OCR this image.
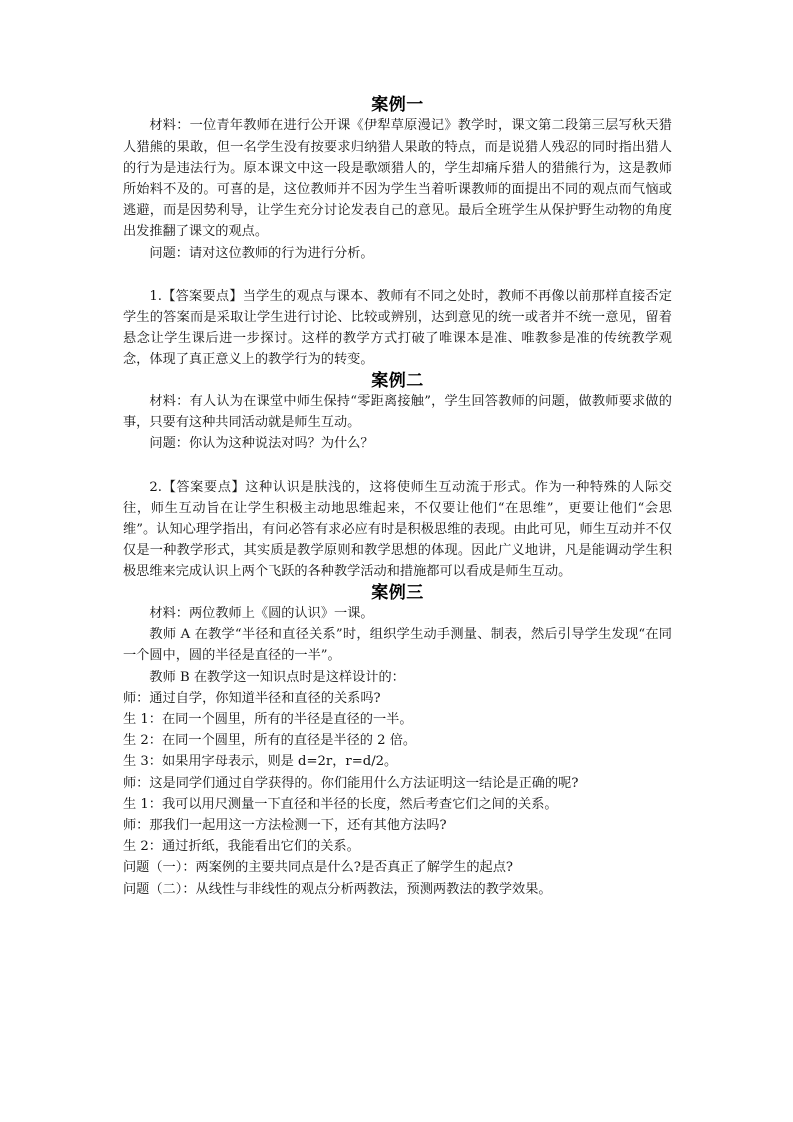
案例一

材料：一位青年教师在进行公开课《伊犁草原漫记》教学时，课文第二段第三层写秋天猎人猎熊的果敢，但一名学生没有按要求归纳猎人果敢的特点，而是说猎人残忍的同时指出猎人的行为是违法行为。原本课文中这一段是歌颂猎人的，学生却痛斥猎人的猎熊行为，这是教师所始料不及的。可喜的是，这位教师并不因为学生当着听课教师的面提出不同的观点而气恼或逃避，而是因势利导，让学生充分讨论发表自己的意见。最后全班学生从保护野生动物的角度出发推翻了课文的观点。

问题：请对这位教师的行为进行分析。

1.【答案要点】当学生的观点与课本、教师有不同之处时，教师不再像以前那样直接否定学生的答案而是采取让学生进行讨论、比较或辨别，达到意见的统一或者并不统一意见，留着悬念让学生课后进一步探讨。这样的教学方式打破了唯课本是准、唯教参是准的传统教学观念，体现了真正意义上的教学行为的转变。

案例二

材料：有人认为在课堂中师生保持“零距离接触”，学生回答教师的问题，做教师要求做的事，只要有这种共同活动就是师生互动。

问题：你认为这种说法对吗？为什么？

2.【答案要点】这种认识是肤浅的，这将使师生互动流于形式。作为一种特殊的人际交往，师生互动旨在让学生积极主动地思维起来，不仅要让他们“在思维”，更要让他们“会思维”。认知心理学指出，有问必答有求必应有时是积极思维的表现。由此可见，师生互动并不仅仅是一种教学形式，其实质是教学原则和教学思想的体现。因此广义地讲，凡是能调动学生积极思维来完成认识上两个飞跃的各种教学活动和措施都可以看成是师生互动。

案例三

材料：两位教师上《圆的认识》一课。

教师 A 在教学“半径和直径关系”时，组织学生动手测量、制表，然后引导学生发现“在同一个圆中，圆的半径是直径的一半”。

教师 B 在教学这一知识点时是这样设计的：

师：通过自学，你知道半径和直径的关系吗?

生 1：在同一个圆里，所有的半径是直径的一半。

生 2：在同一个圆里，所有的直径是半径的 2 倍。

生 3：如果用字母表示，则是 d=2r，r=d/2。

师：这是同学们通过自学获得的。你们能用什么方法证明这一结论是正确的呢?

生 1：我可以用尺测量一下直径和半径的长度，然后考查它们之间的关系。

师：那我们一起用这一方法检测一下，还有其他方法吗?

生 2：通过折纸，我能看出它们的关系。

问题（一）：两案例的主要共同点是什么?是否真正了解学生的起点?

问题（二）：从线性与非线性的观点分析两教法，预测两教法的教学效果。
